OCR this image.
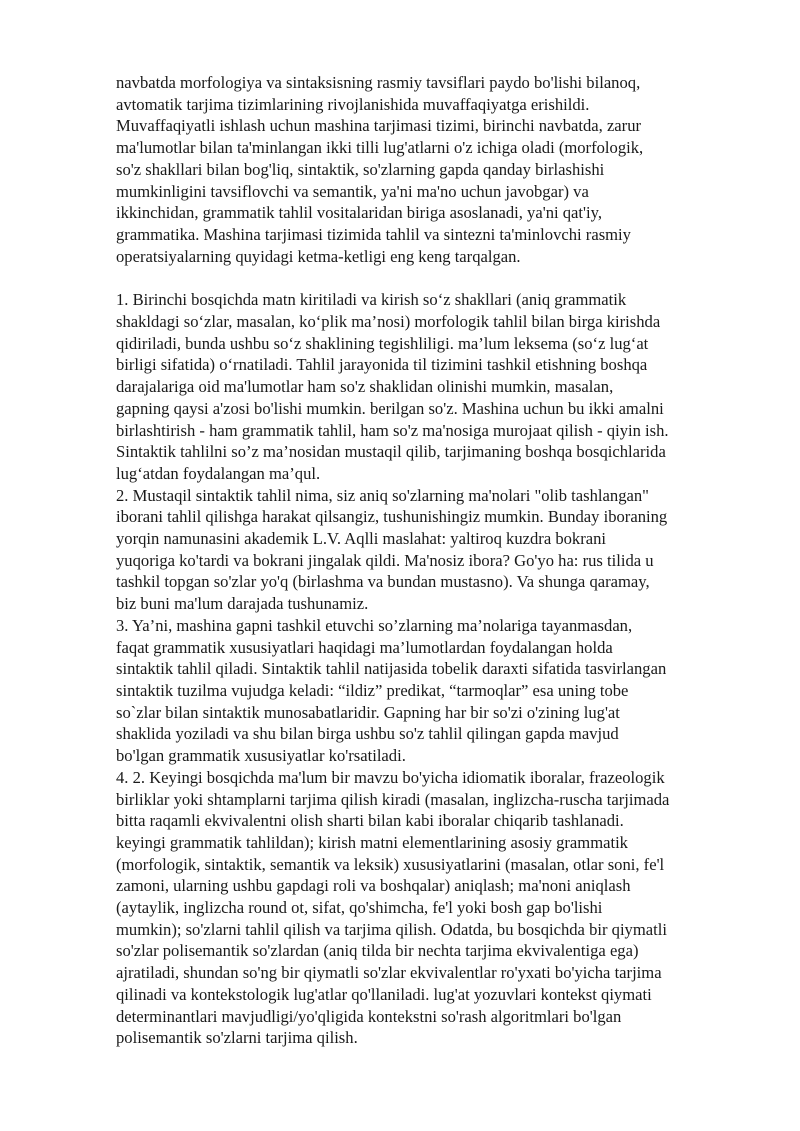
navbatda morfologiya va sintaksisning rasmiy tavsiflari paydo bo'lishi bilanoq,
avtomatik tarjima tizimlarining rivojlanishida muvaffaqiyatga erishildi.
Muvaffaqiyatli ishlash uchun mashina tarjimasi tizimi, birinchi navbatda, zarur
ma'lumotlar bilan ta'minlangan ikki tilli lug'atlarni o'z ichiga oladi (morfologik,
so'z shakllari bilan bog'liq, sintaktik, so'zlarning gapda qanday birlashishi
mumkinligini tavsiflovchi va semantik, ya'ni ma'no uchun javobgar) va
ikkinchidan, grammatik tahlil vositalaridan biriga asoslanadi, ya'ni qat'iy,
grammatika. Mashina tarjimasi tizimida tahlil va sintezni ta'minlovchi rasmiy
operatsiyalarning quyidagi ketma-ketligi eng keng tarqalgan.

1. Birinchi bosqichda matn kiritiladi va kirish so‘z shakllari (aniq grammatik
shakldagi so‘zlar, masalan, ko‘plik ma’nosi) morfologik tahlil bilan birga kirishda
qidiriladi, bunda ushbu so‘z shaklining tegishliligi. ma’lum leksema (so‘z lug‘at
birligi sifatida) o‘rnatiladi. Tahlil jarayonida til tizimini tashkil etishning boshqa
darajalariga oid ma'lumotlar ham so'z shaklidan olinishi mumkin, masalan,
gapning qaysi a'zosi bo'lishi mumkin. berilgan so'z. Mashina uchun bu ikki amalni
birlashtirish - ham grammatik tahlil, ham so'z ma'nosiga murojaat qilish - qiyin ish.
Sintaktik tahlilni so’z ma’nosidan mustaqil qilib, tarjimaning boshqa bosqichlarida
lug‘atdan foydalangan ma’qul.

2. Mustaqil sintaktik tahlil nima, siz aniq so'zlarning ma'nolari "olib tashlangan"
iborani tahlil qilishga harakat qilsangiz, tushunishingiz mumkin. Bunday iboraning
yorqin namunasini akademik L.V. Aqlli maslahat: yaltiroq kuzdra bokrani
yuqoriga ko'tardi va bokrani jingalak qildi. Ma'nosiz ibora? Go'yo ha: rus tilida u
tashkil topgan so'zlar yo'q (birlashma va bundan mustasno). Va shunga qaramay,
biz buni ma'lum darajada tushunamiz.

3. Ya’ni, mashina gapni tashkil etuvchi so’zlarning ma’nolariga tayanmasdan,
faqat grammatik xususiyatlari haqidagi ma’lumotlardan foydalangan holda
sintaktik tahlil qiladi. Sintaktik tahlil natijasida tobelik daraxti sifatida tasvirlangan
sintaktik tuzilma vujudga keladi: “ildiz” predikat, “tarmoqlar” esa uning tobe
so`zlar bilan sintaktik munosabatlaridir. Gapning har bir so'zi o'zining lug'at
shaklida yoziladi va shu bilan birga ushbu so'z tahlil qilingan gapda mavjud
bo'lgan grammatik xususiyatlar ko'rsatiladi.

4. 2. Keyingi bosqichda ma'lum bir mavzu bo'yicha idiomatik iboralar, frazeologik
birliklar yoki shtamplarni tarjima qilish kiradi (masalan, inglizcha-ruscha tarjimada
bitta raqamli ekvivalentni olish sharti bilan kabi iboralar chiqarib tashlanadi.
keyingi grammatik tahlildan); kirish matni elementlarining asosiy grammatik
(morfologik, sintaktik, semantik va leksik) xususiyatlarini (masalan, otlar soni, fe'l
zamoni, ularning ushbu gapdagi roli va boshqalar) aniqlash; ma'noni aniqlash
(aytaylik, inglizcha round ot, sifat, qo'shimcha, fe'l yoki bosh gap bo'lishi
mumkin); so'zlarni tahlil qilish va tarjima qilish. Odatda, bu bosqichda bir qiymatli
so'zlar polisemantik so'zlardan (aniq tilda bir nechta tarjima ekvivalentiga ega)
ajratiladi, shundan so'ng bir qiymatli so'zlar ekvivalentlar ro'yxati bo'yicha tarjima
qilinadi va kontekstologik lug'atlar qo'llaniladi. lug'at yozuvlari kontekst qiymati
determinantlari mavjudligi/yo'qligida kontekstni so'rash algoritmlari bo'lgan
polisemantik so'zlarni tarjima qilish.
